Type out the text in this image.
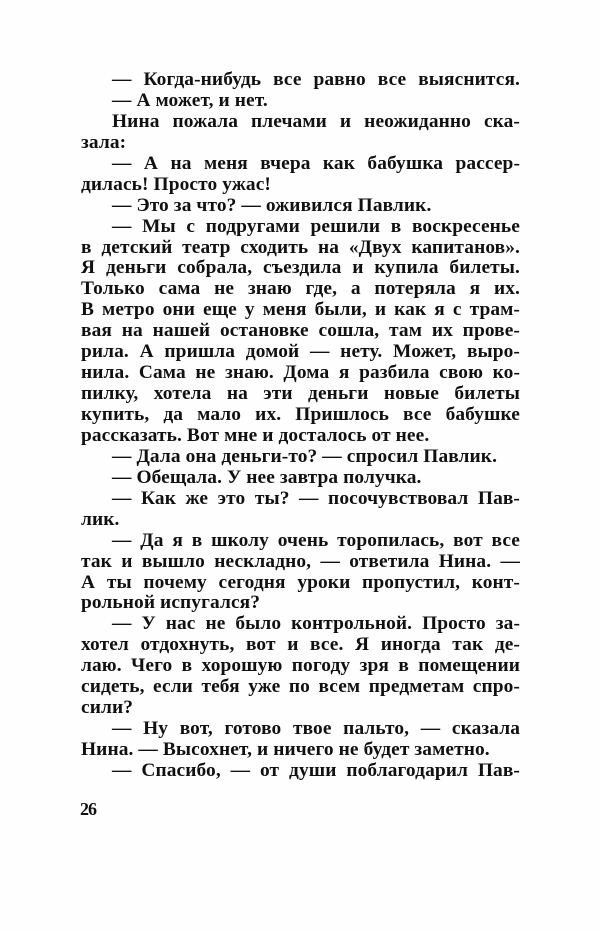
— Когда-нибудь все равно все выяснится.
— А может, и нет.
Нина пожала плечами и неожиданно ска-
зала:
— А на меня вчера как бабушка рассер-
дилась! Просто ужас!
— Это за что? — оживился Павлик.
— Мы с подругами решили в воскресенье
в детский театр сходить на «Двух капитанов».
Я деньги собрала, съездила и купила билеты.
Только сама не знаю где, а потеряла я их.
В метро они еще у меня были, и как я с трам-
вая на нашей остановке сошла, там их прове-
рила. А пришла домой — нету. Может, выро-
нила. Сама не знаю. Дома я разбила свою ко-
пилку, хотела на эти деньги новые билеты
купить, да мало их. Пришлось все бабушке
рассказать. Вот мне и досталось от нее.
— Дала она деньги-то? — спросил Павлик.
— Обещала. У нее завтра получка.
— Как же это ты? — посочувствовал Пав-
лик.
— Да я в школу очень торопилась, вот все
так и вышло нескладно, — ответила Нина. —
А ты почему сегодня уроки пропустил, конт-
рольной испугался?
— У нас не было контрольной. Просто за-
хотел отдохнуть, вот и все. Я иногда так де-
лаю. Чего в хорошую погоду зря в помещении
сидеть, если тебя уже по всем предметам спро-
сили?
— Ну вот, готово твое пальто, — сказала
Нина. — Высохнет, и ничего не будет заметно.
— Спасибо, — от души поблагодарил Пав-
26
